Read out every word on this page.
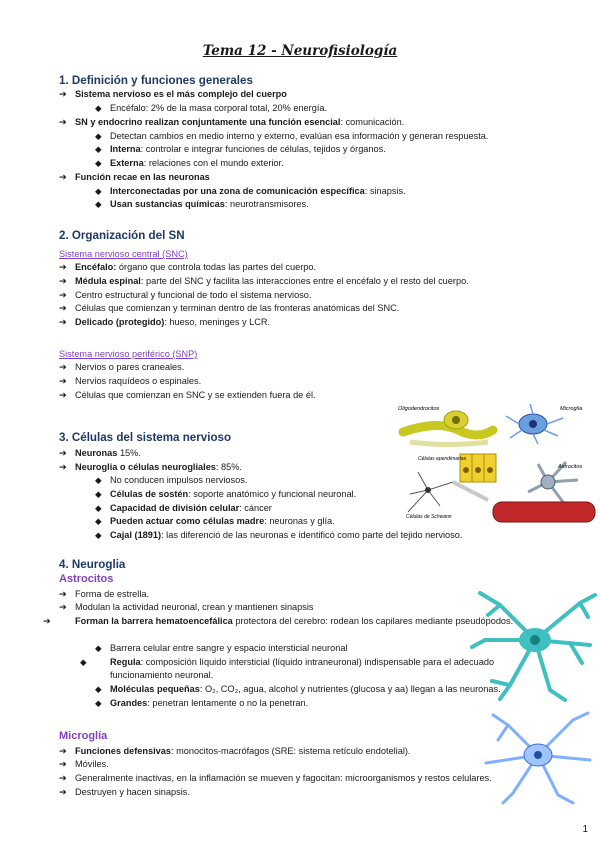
Tema 12 - Neurofisiología
1. Definición y funciones generales
➔ Sistema nervioso es el más complejo del cuerpo
◆ Encéfalo: 2% de la masa corporal total, 20% energía.
➔ SN y endocrino realizan conjuntamente una función esencial: comunicación.
◆ Detectan cambios en medio interno y externo, evalúan esa información y generan respuesta.
◆ Interna: controlar e integrar funciones de células, tejidos y órganos.
◆ Externa: relaciones con el mundo exterior.
➔ Función recae en las neuronas
◆ Interconectadas por una zona de comunicación específica: sinapsis.
◆ Usan sustancias químicas: neurotransmisores.
2. Organización del SN
Sistema nervioso central (SNC)
➔ Encéfalo: órgano que controla todas las partes del cuerpo.
➔ Médula espinal: parte del SNC y facilita las interacciones entre el encéfalo y el resto del cuerpo.
➔ Centro estructural y funcional de todo el sistema nervioso.
➔ Células que comienzan y terminan dentro de las fronteras anatómicas del SNC.
➔ Delicado (protegido): hueso, meninges y LCR.
Sistema nervioso periférico (SNP)
➔ Nervios o pares craneales.
➔ Nervios raquídeos o espinales.
➔ Células que comienzan en SNC y se extienden fuera de él.
Oligodendrocitos	Microglía
Células ependimarias
Astrocitos
Células de Schwann
3. Células del sistema nervioso
➔ Neuronas 15%.
➔ Neuroglia o células neurogliales: 85%.
◆ No conducen impulsos nerviosos.
◆ Células de sostén: soporte anatómico y funcional neuronal.
◆ Capacidad de división celular: cáncer
◆ Pueden actuar como células madre: neuronas y glía.
◆ Cajal (1891): las diferenció de las neuronas e identificó como parte del tejido nervioso.
4. Neuroglia
Astrocitos
➔ Forma de estrella.
➔ Modulan la actividad neuronal, crean y mantienen sinapsis
➔	Forman la barrera hematoencefálica protectora del cerebro: rodean los capilares mediante pseudópodos.
◆ Barrera celular entre sangre y espacio intersticial neuronal
◆	Regula: composición líquido intersticial (líquido intraneuronal) indispensable para el adecuado funcionamiento neuronal.
◆ Moléculas pequeñas: O₂, CO₂, agua, alcohol y nutrientes (glucosa y aa) llegan a las neuronas.
◆ Grandes: penetran lentamente o no la penetran.
Microglía
➔ Funciones defensivas: monocitos-macrófagos (SRE: sistema retículo endotelial).
➔ Móviles.
➔ Generalmente inactivas, en la inflamación se mueven y fagocitan: microorganismos y restos celulares.
➔ Destruyen y hacen sinapsis.
1
